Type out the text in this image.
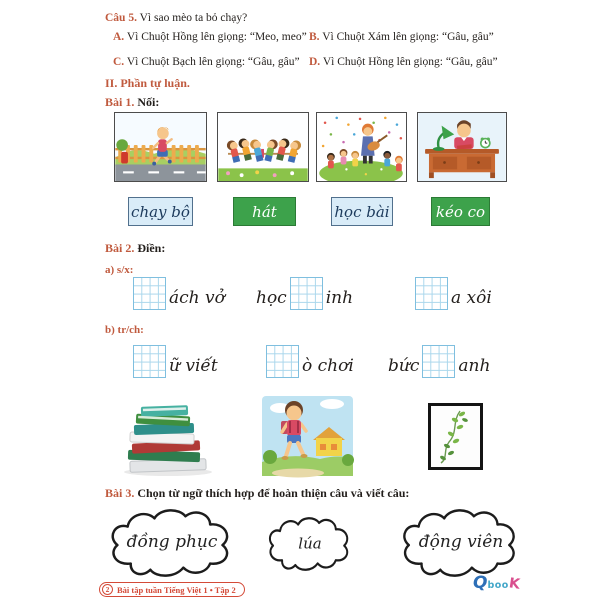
Câu 5. Vì sao mèo ta bỏ chạy?
A. Vì Chuột Hồng lên giọng: “Meo, meo” B. Vì Chuột Xám lên giọng: “Gâu, gâu”
C. Vì Chuột Bạch lên giọng: “Gâu, gâu” D. Vì Chuột Hồng lên giọng: “Gâu, gâu”
II. Phần tự luận.
Bài 1. Nối:
chạy bộ	hát	học bài	kéo co
Bài 2. Điền:
a) s/x:
ách vở học inh	a xôi
b) tr/ch:
ữ viết	ò chơi bức anh
Bài 3. Chọn từ ngữ thích hợp để hoàn thiện câu và viết câu:
đồng phục	lúa	động viên
2 Bài tập tuần Tiếng Việt 1 • Tập 2	QbooK
